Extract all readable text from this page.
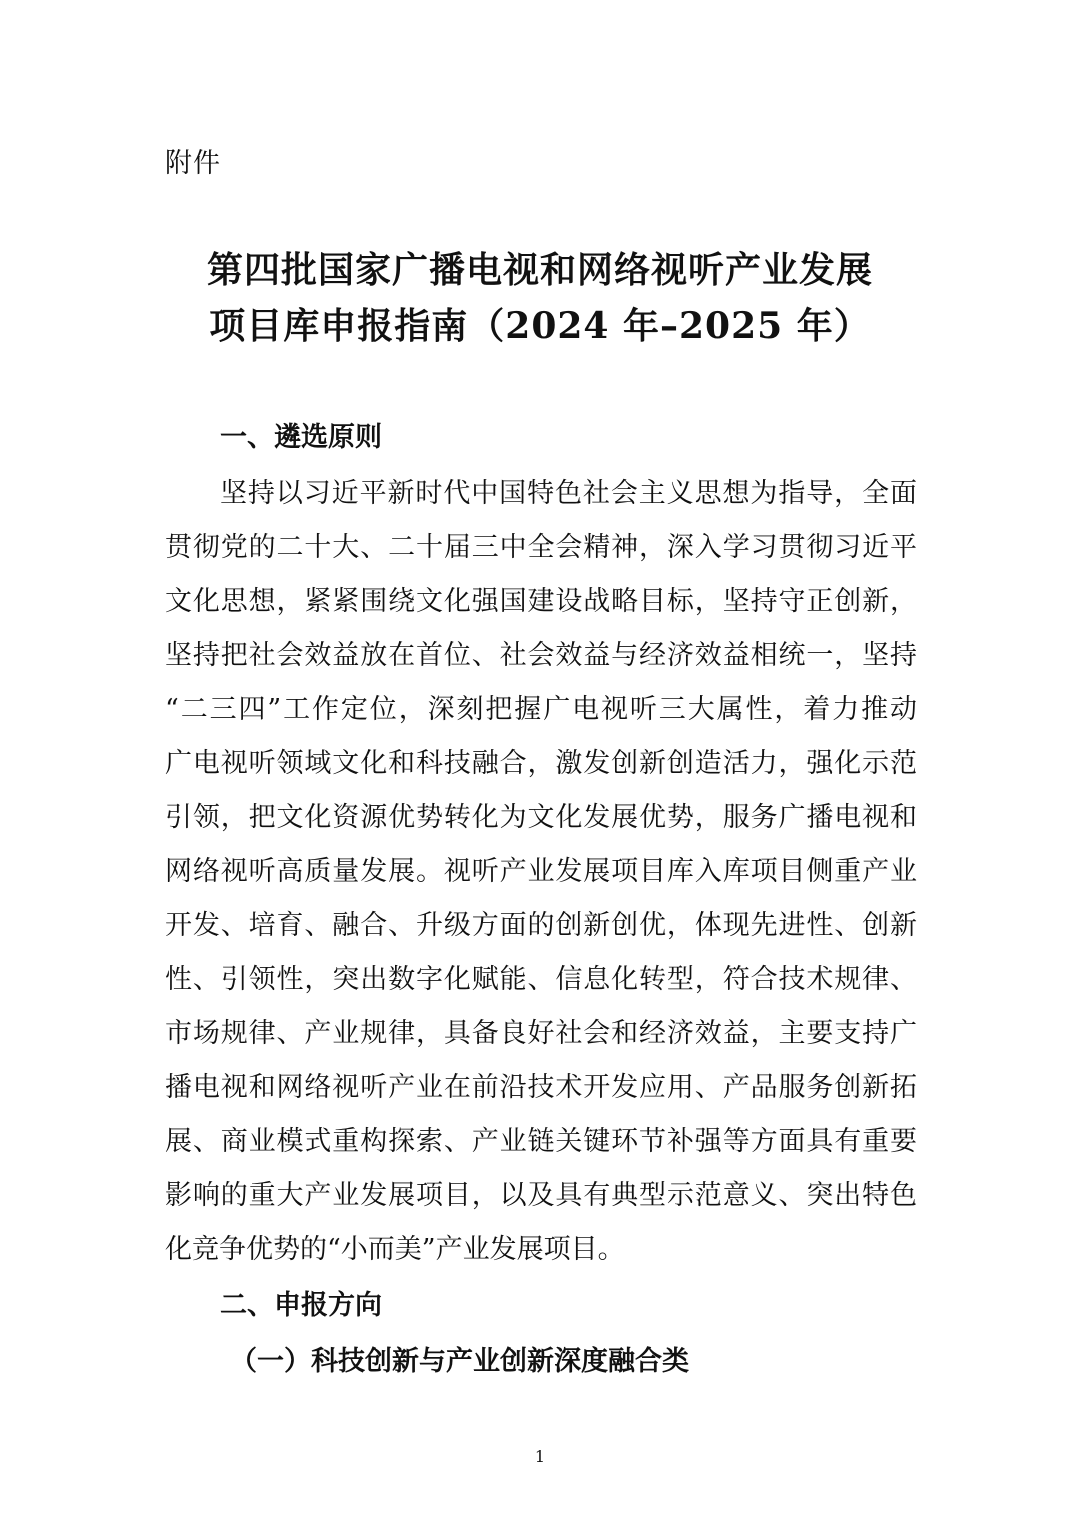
附件
第四批国家广播电视和网络视听产业发展
项目库申报指南（2024 年–2025 年）
一、遴选原则
坚持以习近平新时代中国特色社会主义思想为指导，全面
贯彻党的二十大、二十届三中全会精神，深入学习贯彻习近平
文化思想，紧紧围绕文化强国建设战略目标，坚持守正创新，
坚持把社会效益放在首位、社会效益与经济效益相统一，坚持
“二三四”工作定位，深刻把握广电视听三大属性，着力推动
广电视听领域文化和科技融合，激发创新创造活力，强化示范
引领，把文化资源优势转化为文化发展优势，服务广播电视和
网络视听高质量发展。视听产业发展项目库入库项目侧重产业
开发、培育、融合、升级方面的创新创优，体现先进性、创新
性、引领性，突出数字化赋能、信息化转型，符合技术规律、
市场规律、产业规律，具备良好社会和经济效益，主要支持广
播电视和网络视听产业在前沿技术开发应用、产品服务创新拓
展、商业模式重构探索、产业链关键环节补强等方面具有重要
影响的重大产业发展项目，以及具有典型示范意义、突出特色
化竞争优势的“小而美”产业发展项目。
二、申报方向
（一）科技创新与产业创新深度融合类
1
